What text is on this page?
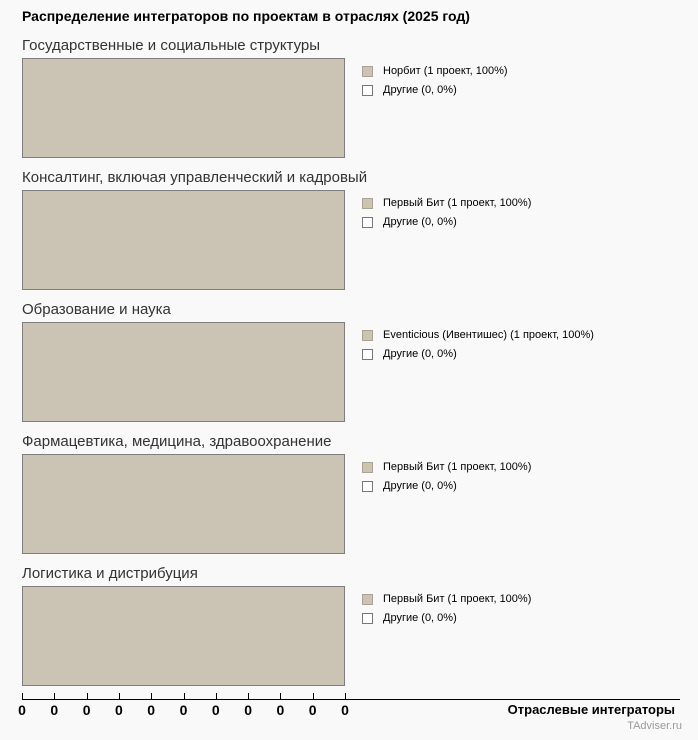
Распределение интеграторов по проектам в отраслях (2025 год)
Государственные и социальные структуры
Норбит (1 проект, 100%)
Другие (0, 0%)
Консалтинг, включая управленческий и кадровый
Первый Бит (1 проект, 100%)
Другие (0, 0%)
Образование и наука
Eventicious (Ивентишес) (1 проект, 100%)
Другие (0, 0%)
Фармацевтика, медицина, здравоохранение
Первый Бит (1 проект, 100%)
Другие (0, 0%)
Логистика и дистрибуция
Первый Бит (1 проект, 100%)
Другие (0, 0%)
0 0 0 0 0 0 0 0 0 0 0	Отраслевые интеграторы
TAdviser.ru
